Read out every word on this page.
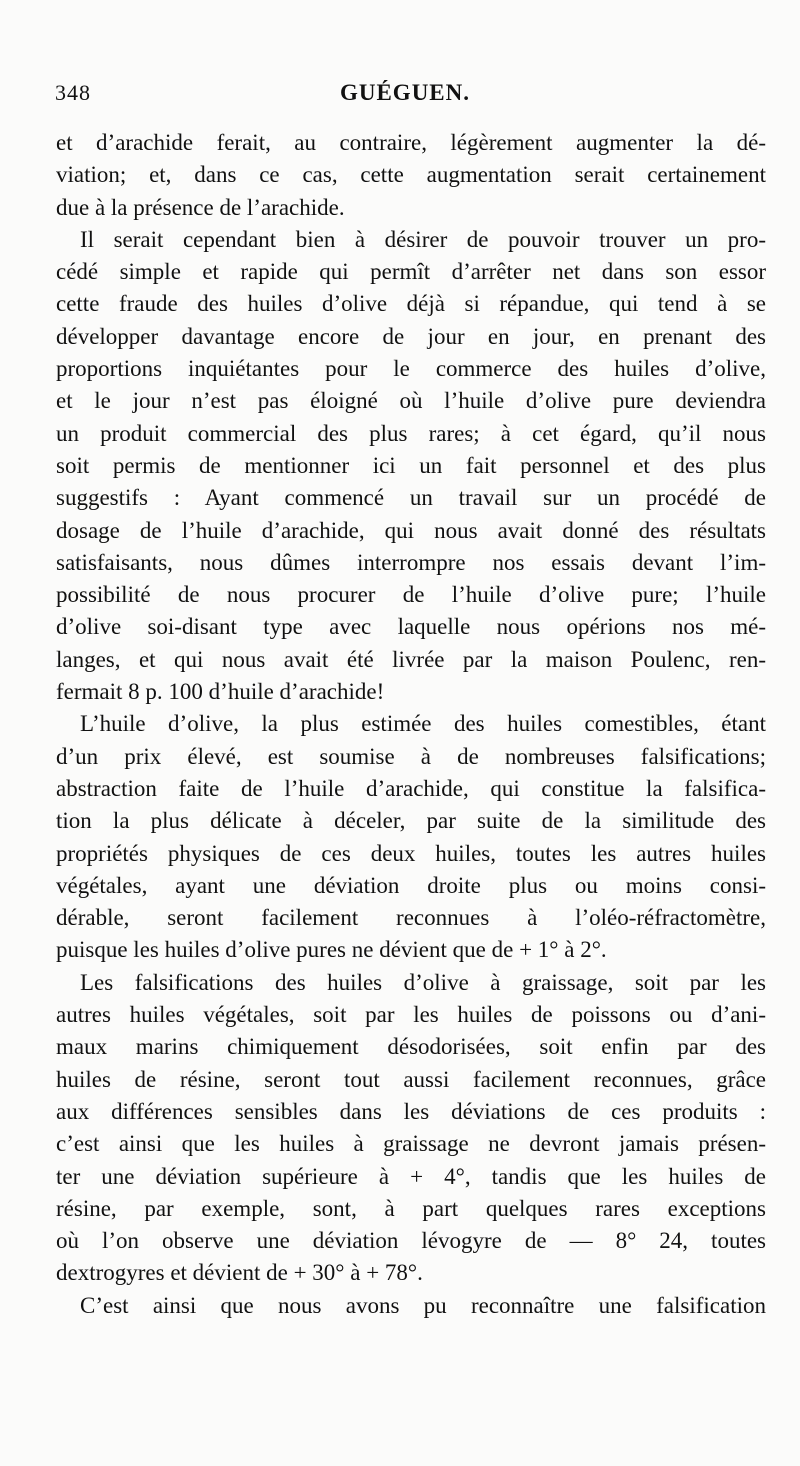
348	GUÉGUEN.
et d’arachide ferait, au contraire, légèrement augmenter la dé-
viation; et, dans ce cas, cette augmentation serait certainement
due à la présence de l’arachide.
Il serait cependant bien à désirer de pouvoir trouver un pro-
cédé simple et rapide qui permît d’arrêter net dans son essor
cette fraude des huiles d’olive déjà si répandue, qui tend à se
développer davantage encore de jour en jour, en prenant des
proportions inquiétantes pour le commerce des huiles d’olive,
et le jour n’est pas éloigné où l’huile d’olive pure deviendra
un produit commercial des plus rares; à cet égard, qu’il nous
soit permis de mentionner ici un fait personnel et des plus
suggestifs : Ayant commencé un travail sur un procédé de
dosage de l’huile d’arachide, qui nous avait donné des résultats
satisfaisants, nous dûmes interrompre nos essais devant l’im-
possibilité de nous procurer de l’huile d’olive pure; l’huile
d’olive soi-disant type avec laquelle nous opérions nos mé-
langes, et qui nous avait été livrée par la maison Poulenc, ren-
fermait 8 p. 100 d’huile d’arachide!
L’huile d’olive, la plus estimée des huiles comestibles, étant
d’un prix élevé, est soumise à de nombreuses falsifications;
abstraction faite de l’huile d’arachide, qui constitue la falsifica-
tion la plus délicate à déceler, par suite de la similitude des
propriétés physiques de ces deux huiles, toutes les autres huiles
végétales, ayant une déviation droite plus ou moins consi-
dérable, seront facilement reconnues à l’oléo-réfractomètre,
puisque les huiles d’olive pures ne dévient que de + 1° à 2°.
Les falsifications des huiles d’olive à graissage, soit par les
autres huiles végétales, soit par les huiles de poissons ou d’ani-
maux marins chimiquement désodorisées, soit enfin par des
huiles de résine, seront tout aussi facilement reconnues, grâce
aux différences sensibles dans les déviations de ces produits :
c’est ainsi que les huiles à graissage ne devront jamais présen-
ter une déviation supérieure à + 4°, tandis que les huiles de
résine, par exemple, sont, à part quelques rares exceptions
où l’on observe une déviation lévogyre de — 8° 24, toutes
dextrogyres et dévient de + 30° à + 78°.
C’est ainsi que nous avons pu reconnaître une falsification
